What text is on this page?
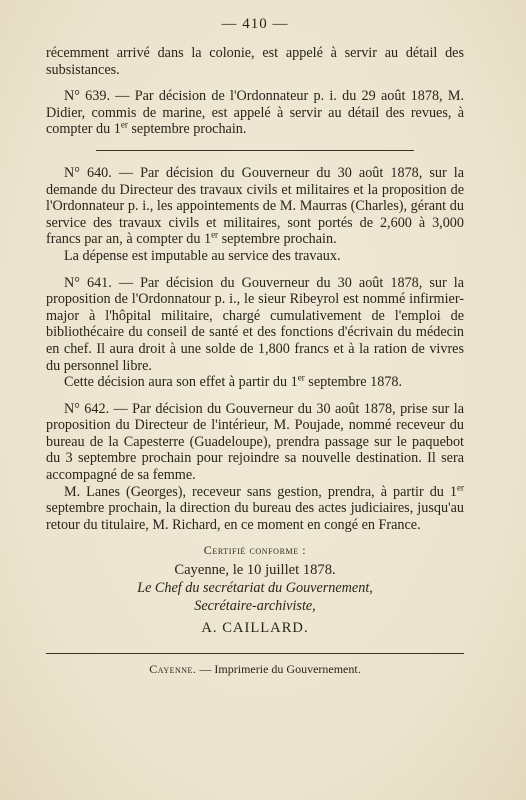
— 410 —

récemment arrivé dans la colonie, est appelé à servir au détail des subsistances.

N° 639. — Par décision de l'Ordonnateur p. i. du 29 août 1878, M. Didier, commis de marine, est appelé à servir au détail des revues, à compter du 1er septembre prochain.

N° 640. — Par décision du Gouverneur du 30 août 1878, sur la demande du Directeur des travaux civils et militaires et la proposition de l'Ordonnateur p. i., les appointements de M. Maurras (Charles), gérant du service des travaux civils et militaires, sont portés de 2,600 à 3,000 francs par an, à compter du 1er septembre prochain.

La dépense est imputable au service des travaux.

N° 641. — Par décision du Gouverneur du 30 août 1878, sur la proposition de l'Ordonnatour p. i., le sieur Ribeyrol est nommé infirmier-major à l'hôpital militaire, chargé cumulativement de l'emploi de bibliothécaire du conseil de santé et des fonctions d'écrivain du médecin en chef. Il aura droit à une solde de 1,800 francs et à la ration de vivres du personnel libre.

Cette décision aura son effet à partir du 1er septembre 1878.

N° 642. — Par décision du Gouverneur du 30 août 1878, prise sur la proposition du Directeur de l'intérieur, M. Poujade, nommé receveur du bureau de la Capesterre (Guadeloupe), prendra passage sur le paquebot du 3 septembre prochain pour rejoindre sa nouvelle destination. Il sera accompagné de sa femme.

M. Lanes (Georges), receveur sans gestion, prendra, à partir du 1er septembre prochain, la direction du bureau des actes judiciaires, jusqu'au retour du titulaire, M. Richard, en ce moment en congé en France.

Certifié conforme :
Cayenne, le 10 juillet 1878.
Le Chef du secrétariat du Gouvernement,
Secrétaire-archiviste,
A. CAILLARD.
Cayenne. — Imprimerie du Gouvernement.
